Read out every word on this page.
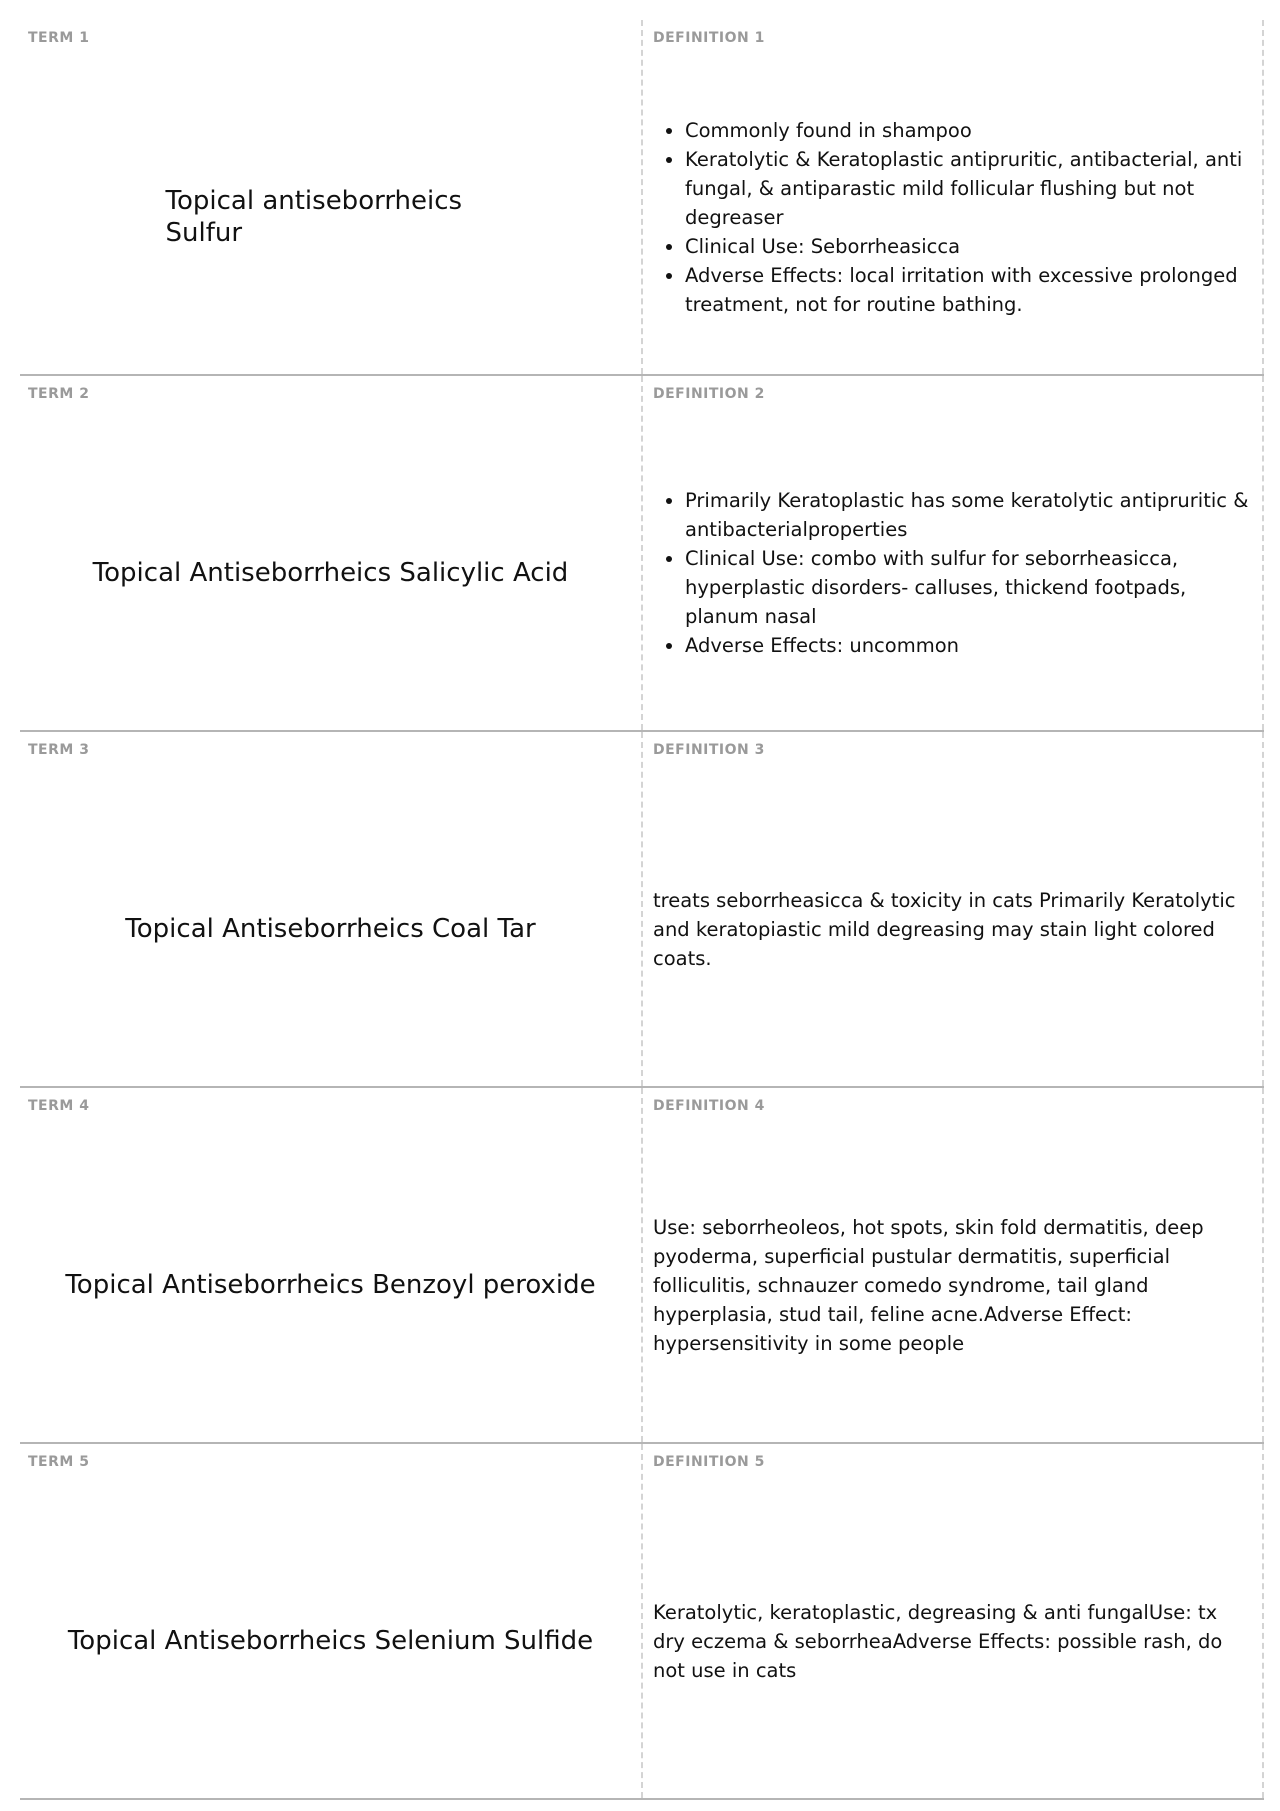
TERM 1
Topical antiseborrheics
Sulfur
DEFINITION 1
• Commonly found in shampoo
• Keratolytic & Keratoplastic antipruritic, antibacterial, anti fungal, & antiparastic mild follicular flushing but not degreaser
• Clinical Use: Seborrheasicca
• Adverse Effects: local irritation with excessive prolonged treatment, not for routine bathing.
TERM 2
Topical Antiseborrheics Salicylic Acid
DEFINITION 2
• Primarily Keratoplastic has some keratolytic antipruritic & antibacterialproperties
• Clinical Use: combo with sulfur for seborrheasicca, hyperplastic disorders- calluses, thickend footpads, planum nasal
• Adverse Effects: uncommon
TERM 3
Topical Antiseborrheics Coal Tar
DEFINITION 3

treats seborrheasicca & toxicity in cats Primarily Keratolytic and keratopiastic mild degreasing may stain light colored coats.

TERM 4
Topical Antiseborrheics Benzoyl peroxide
DEFINITION 4

Use: seborrheoleos, hot spots, skin fold dermatitis, deep pyoderma, superficial pustular dermatitis, superficial folliculitis, schnauzer comedo syndrome, tail gland hyperplasia, stud tail, feline acne.Adverse Effect: hypersensitivity in some people

TERM 5
Topical Antiseborrheics Selenium Sulfide
DEFINITION 5

Keratolytic, keratoplastic, degreasing & anti fungalUse: tx dry eczema & seborrheaAdverse Effects: possible rash, do not use in cats
